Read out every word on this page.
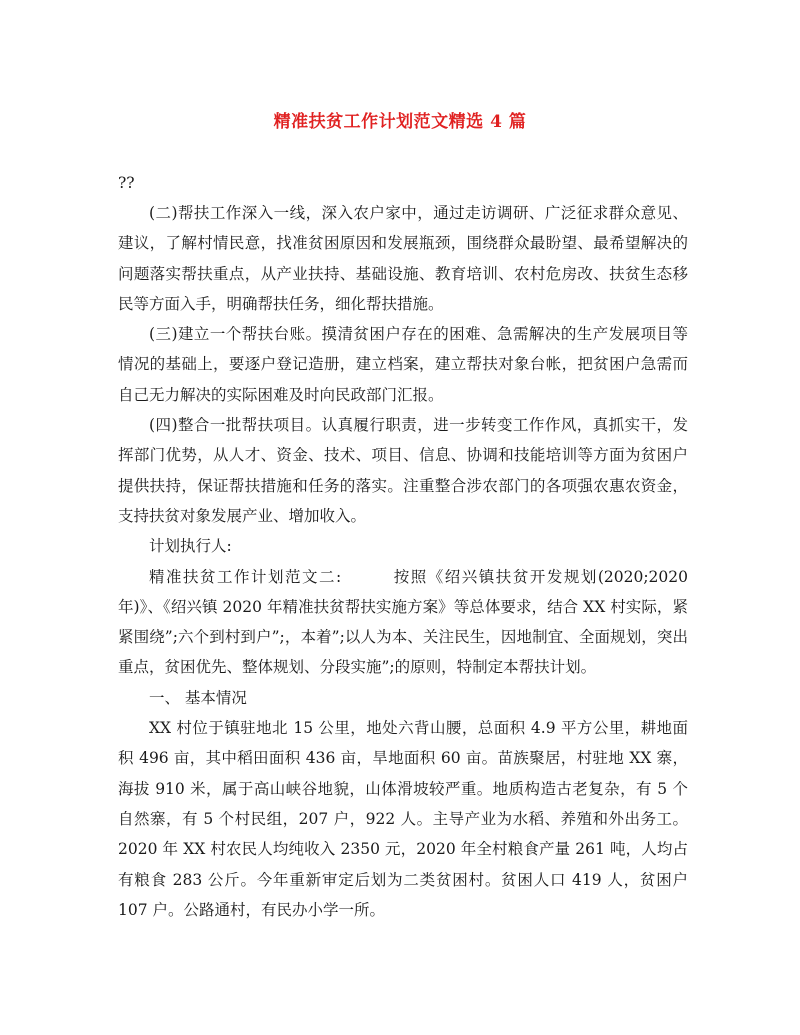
精准扶贫工作计划范文精选 4 篇

??

(二)帮扶工作深入一线，深入农户家中，通过走访调研、广泛征求群众意见、建议，了解村情民意，找准贫困原因和发展瓶颈，围绕群众最盼望、最希望解决的问题落实帮扶重点，从产业扶持、基础设施、教育培训、农村危房改、扶贫生态移民等方面入手，明确帮扶任务，细化帮扶措施。

(三)建立一个帮扶台账。摸清贫困户存在的困难、急需解决的生产发展项目等情况的基础上，要逐户登记造册，建立档案，建立帮扶对象台帐，把贫困户急需而自己无力解决的实际困难及时向民政部门汇报。

(四)整合一批帮扶项目。认真履行职责，进一步转变工作作风，真抓实干，发挥部门优势，从人才、资金、技术、项目、信息、协调和技能培训等方面为贫困户提供扶持，保证帮扶措施和任务的落实。注重整合涉农部门的各项强农惠农资金，支持扶贫对象发展产业、增加收入。

计划执行人:

精准扶贫工作计划范文二:　　　按照《绍兴镇扶贫开发规划(2020;2020 年)》、《绍兴镇 2020 年精准扶贫帮扶实施方案》等总体要求，结合 XX 村实际，紧紧围绕”;六个到村到户”;，本着”;以人为本、关注民生，因地制宜、全面规划，突出重点，贫困优先、整体规划、分段实施”;的原则，特制定本帮扶计划。

一、 基本情况

XX 村位于镇驻地北 15 公里，地处六背山腰，总面积 4.9 平方公里，耕地面积 496 亩，其中稻田面积 436 亩，旱地面积 60 亩。苗族聚居，村驻地 XX 寨，海拔 910 米，属于高山峡谷地貌，山体滑坡较严重。地质构造古老复杂，有 5 个自然寨，有 5 个村民组，207 户，922 人。主导产业为水稻、养殖和外出务工。2020 年 XX 村农民人均纯收入 2350 元，2020 年全村粮食产量 261 吨，人均占有粮食 283 公斤。今年重新审定后划为二类贫困村。贫困人口 419 人，贫困户 107 户。公路通村，有民办小学一所。
